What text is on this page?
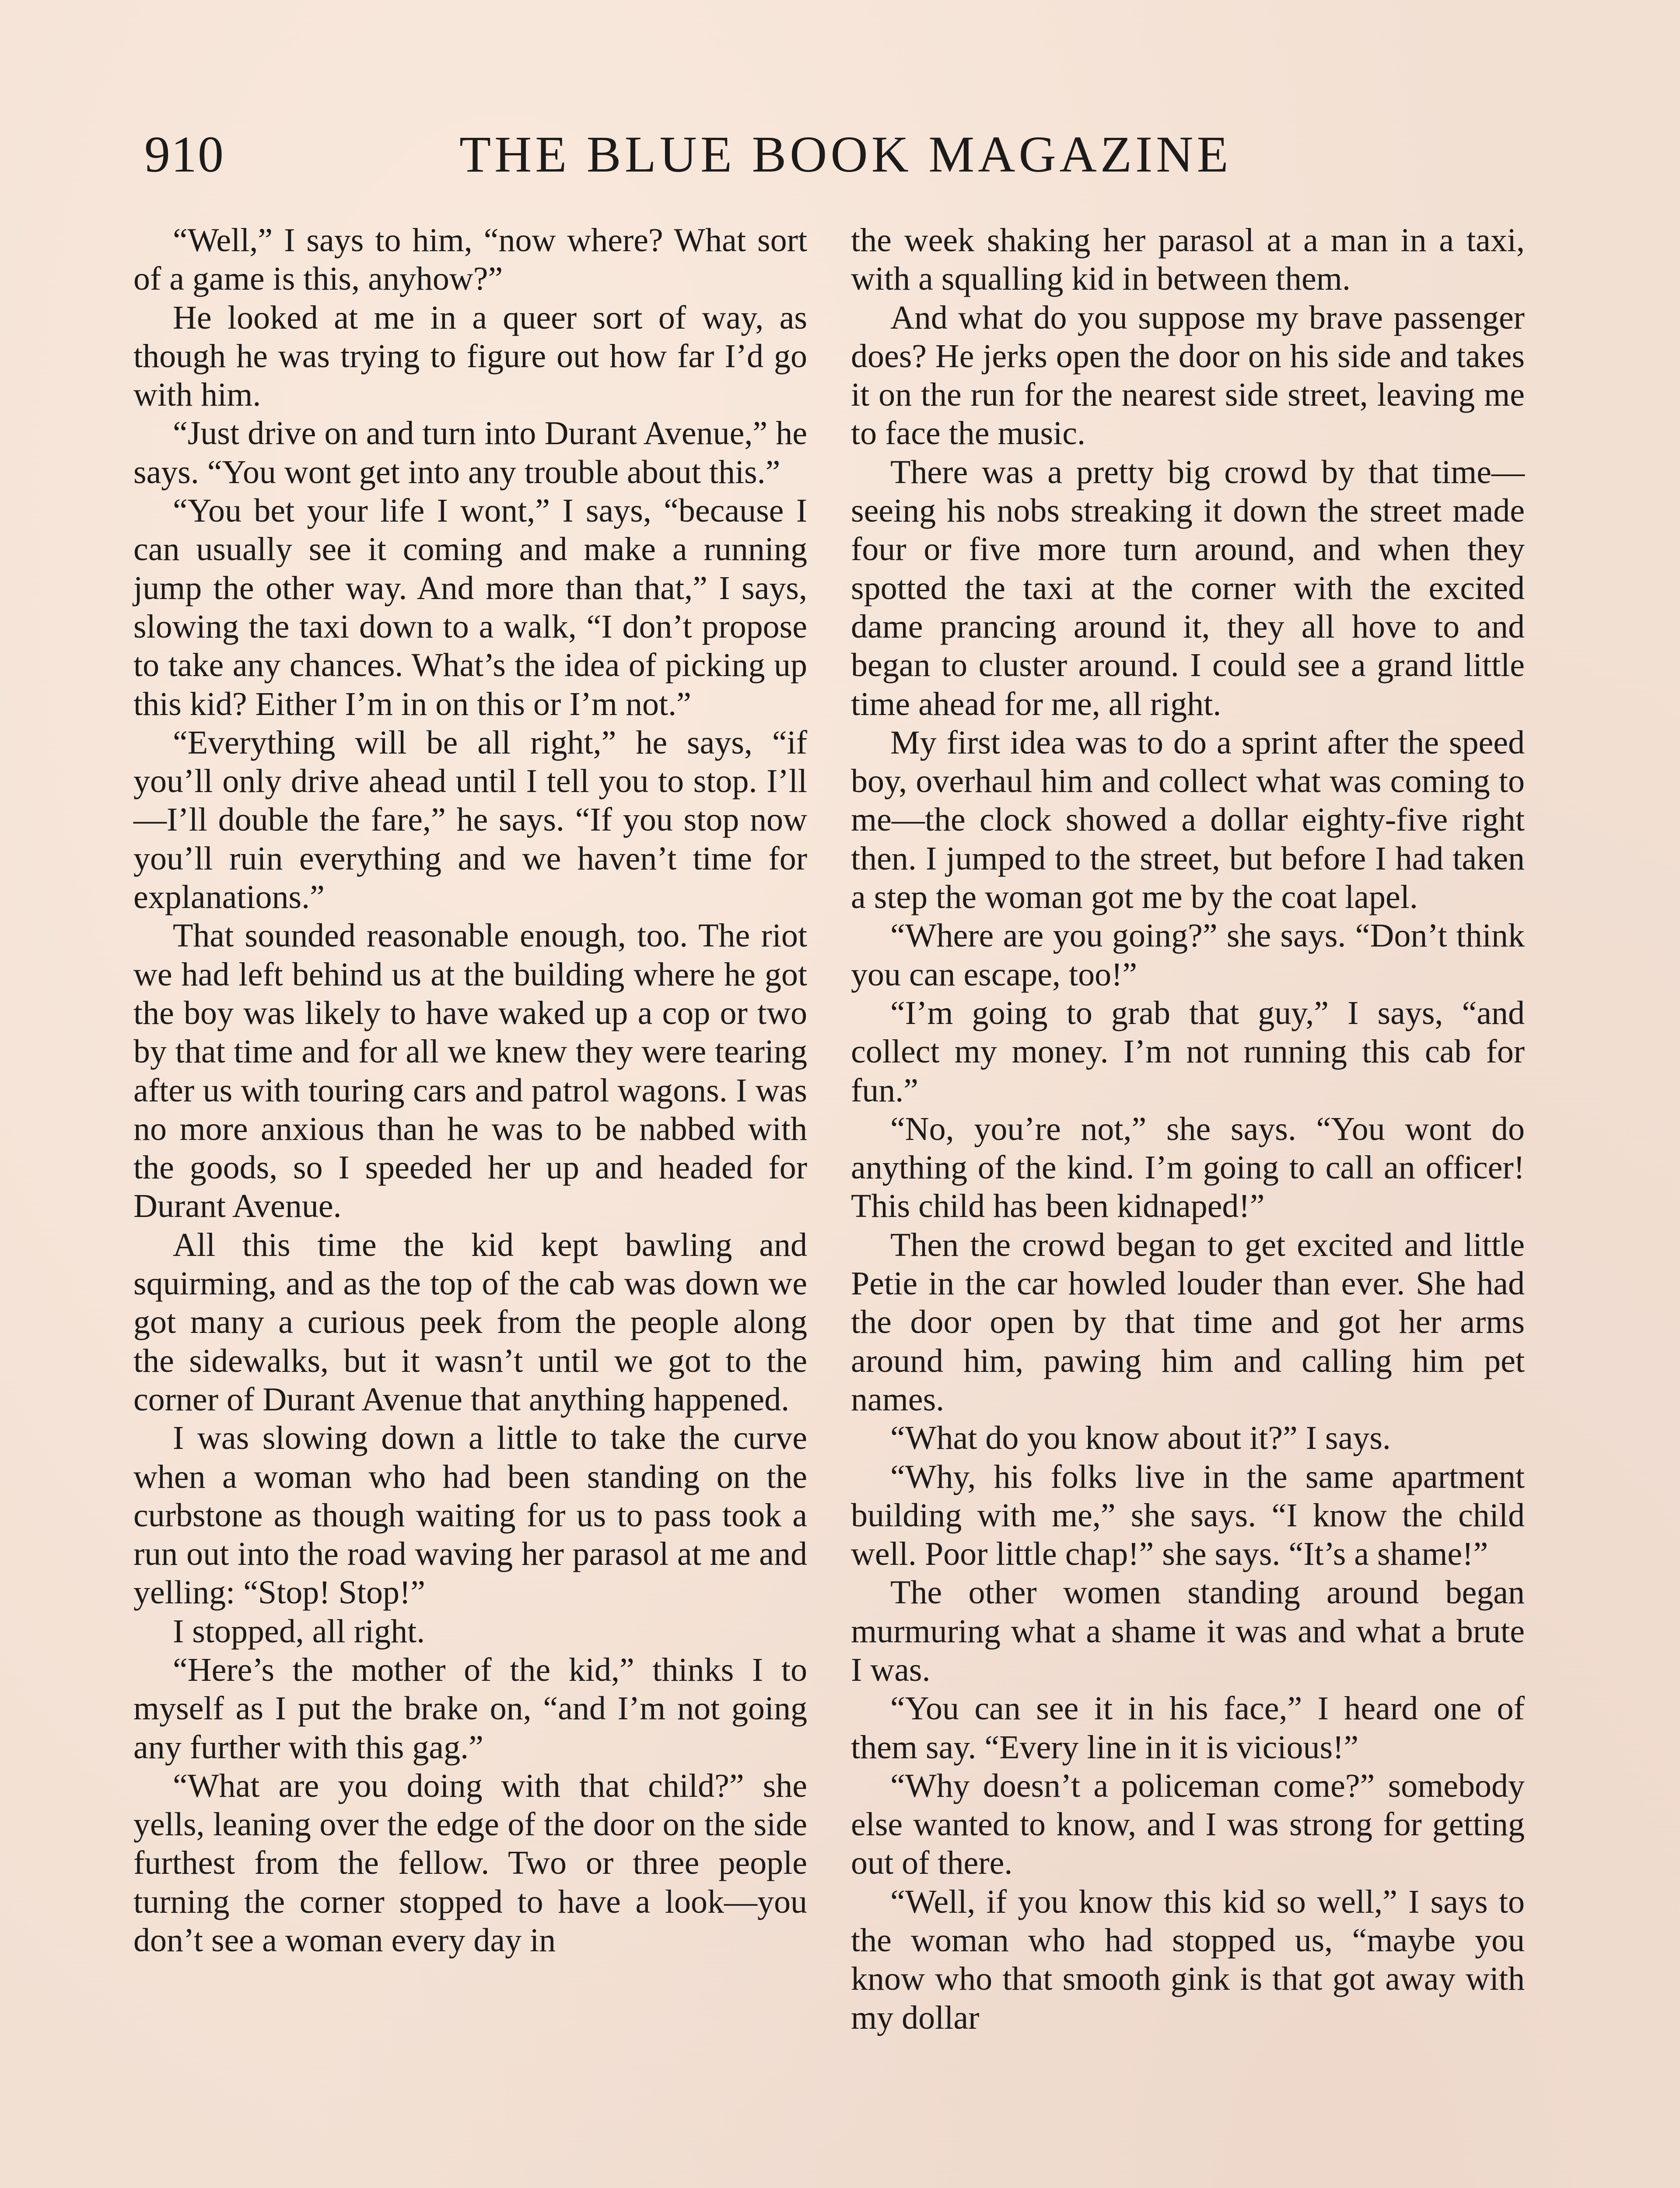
910	THE BLUE BOOK MAGAZINE

“Well,” I says to him, “now where? What sort of a game is this, anyhow?”

He looked at me in a queer sort of way, as though he was trying to figure out how far I’d go with him.

“Just drive on and turn into Durant Avenue,” he says. “You wont get into any trouble about this.”

“You bet your life I wont,” I says, “because I can usually see it coming and make a running jump the other way. And more than that,” I says, slowing the taxi down to a walk, “I don’t propose to take any chances. What’s the idea of picking up this kid? Either I’m in on this or I’m not.”

“Everything will be all right,” he says, “if you’ll only drive ahead until I tell you to stop. I’ll—I’ll double the fare,” he says. “If you stop now you’ll ruin everything and we haven’t time for explanations.”

That sounded reasonable enough, too. The riot we had left behind us at the building where he got the boy was likely to have waked up a cop or two by that time and for all we knew they were tearing after us with touring cars and patrol wagons. I was no more anxious than he was to be nabbed with the goods, so I speeded her up and headed for Durant Avenue.

All this time the kid kept bawling and squirming, and as the top of the cab was down we got many a curious peek from the people along the sidewalks, but it wasn’t until we got to the corner of Durant Avenue that anything happened.

I was slowing down a little to take the curve when a woman who had been standing on the curbstone as though waiting for us to pass took a run out into the road waving her parasol at me and yelling: “Stop! Stop!”

I stopped, all right.

“Here’s the mother of the kid,” thinks I to myself as I put the brake on, “and I’m not going any further with this gag.”

“What are you doing with that child?” she yells, leaning over the edge of the door on the side furthest from the fellow. Two or three people turning the corner stopped to have a look—you don’t see a woman every day in

the week shaking her parasol at a man in a taxi, with a squalling kid in between them.

And what do you suppose my brave passenger does? He jerks open the door on his side and takes it on the run for the nearest side street, leaving me to face the music.

There was a pretty big crowd by that time—seeing his nobs streaking it down the street made four or five more turn around, and when they spotted the taxi at the corner with the excited dame prancing around it, they all hove to and began to cluster around. I could see a grand little time ahead for me, all right.

My first idea was to do a sprint after the speed boy, overhaul him and collect what was coming to me—the clock showed a dollar eighty-five right then. I jumped to the street, but before I had taken a step the woman got me by the coat lapel.

“Where are you going?” she says. “Don’t think you can escape, too!”

“I’m going to grab that guy,” I says, “and collect my money. I’m not running this cab for fun.”

“No, you’re not,” she says. “You wont do anything of the kind. I’m going to call an officer! This child has been kidnaped!”

Then the crowd began to get excited and little Petie in the car howled louder than ever. She had the door open by that time and got her arms around him, pawing him and calling him pet names.

“What do you know about it?” I says.

“Why, his folks live in the same apartment building with me,” she says. “I know the child well. Poor little chap!” she says. “It’s a shame!”

The other women standing around began murmuring what a shame it was and what a brute I was.

“You can see it in his face,” I heard one of them say. “Every line in it is vicious!”

“Why doesn’t a policeman come?” somebody else wanted to know, and I was strong for getting out of there.

“Well, if you know this kid so well,” I says to the woman who had stopped us, “maybe you know who that smooth gink is that got away with my dollar
